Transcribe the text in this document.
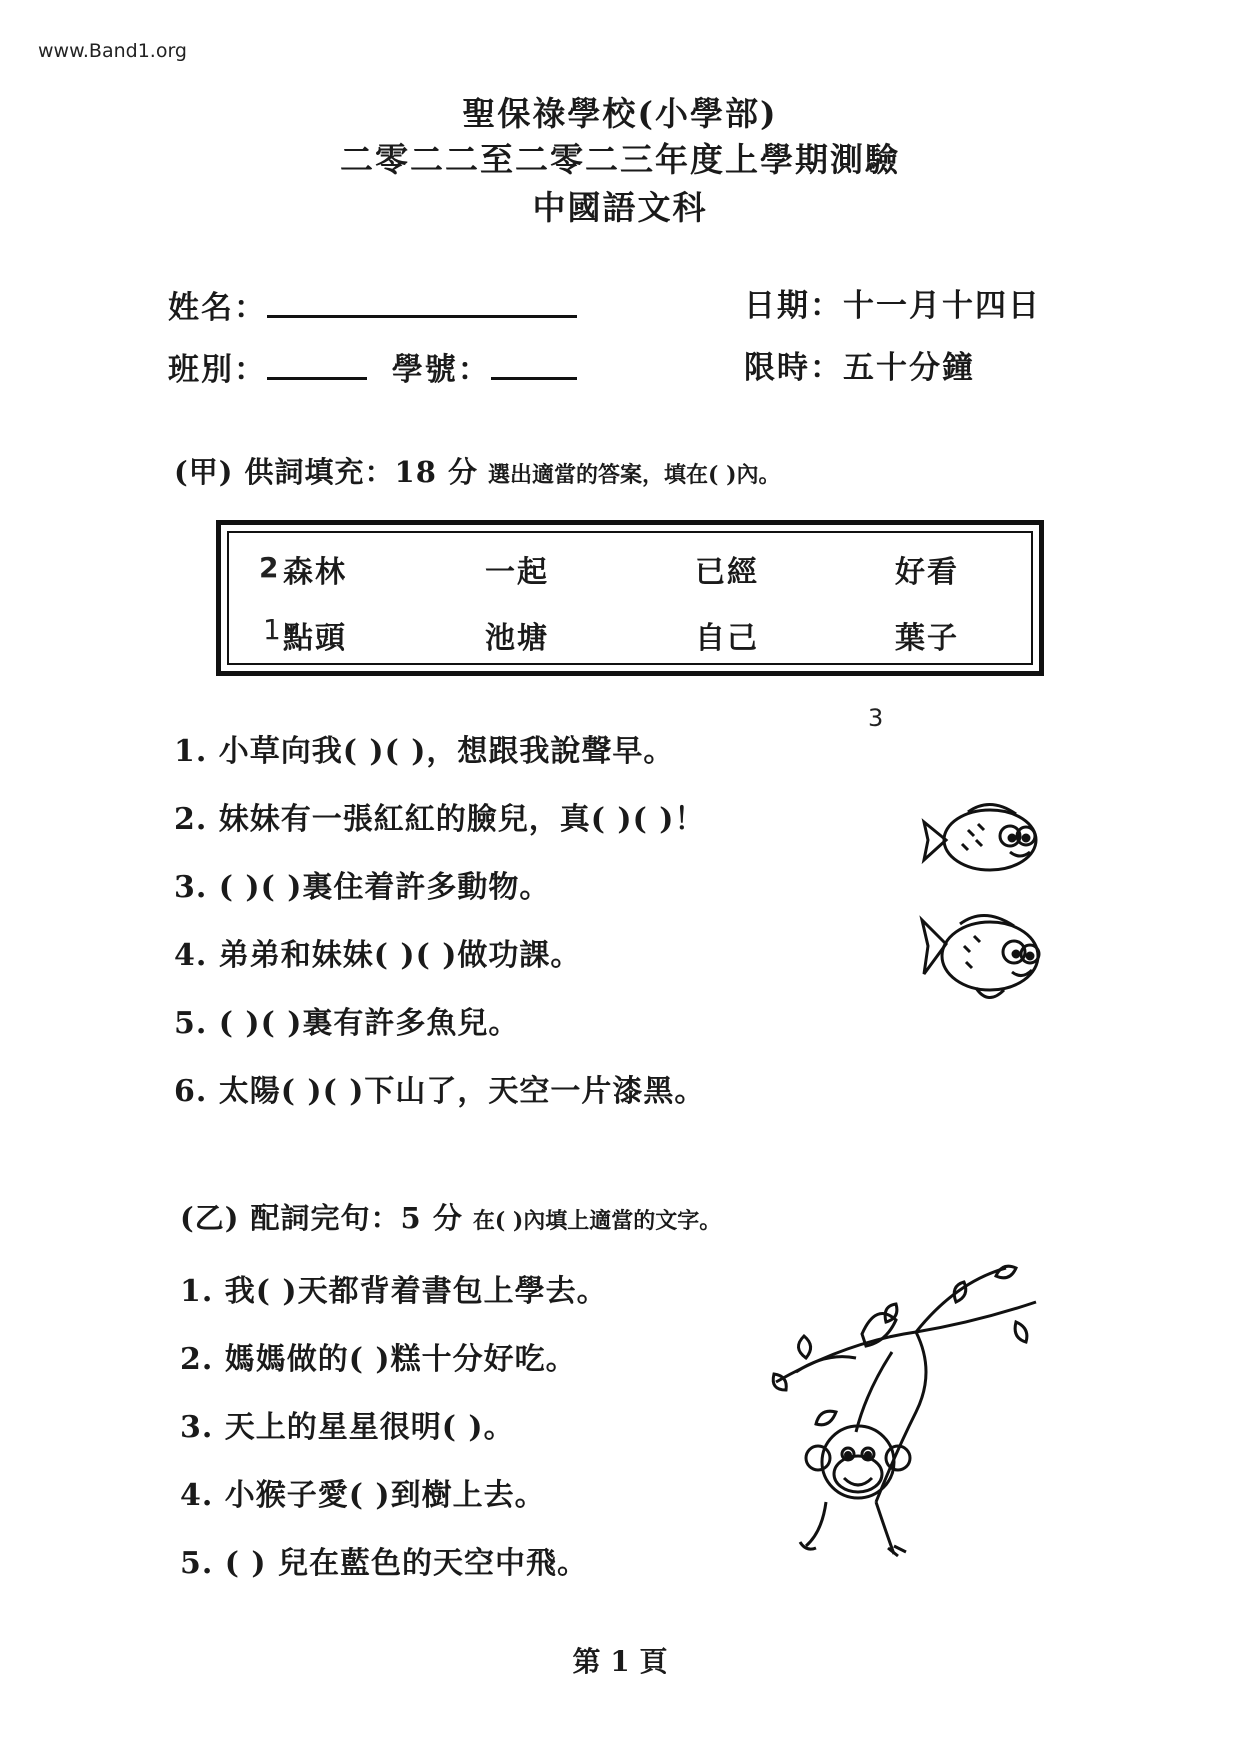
www.Band1.org
聖保祿學校(小學部)
二零二二至二零二三年度上學期測驗
中國語文科
姓名：
班別：	學號：
日期：十一月十四日
限時：五十分鐘
(甲) 供詞填充：18 分 選出適當的答案，填在( )內。
2 森林	一起	已經	好看
1 點頭	池塘	自己	葉子
1. 小草向我( )( )，想跟我說聲早。
3
2. 妹妹有一張紅紅的臉兒，真( )( )！
3. ( )( )裏住着許多動物。
4. 弟弟和妹妹( )( )做功課。
5. ( )( )裏有許多魚兒。
6. 太陽( )( )下山了，天空一片漆黑。
(乙) 配詞完句：5 分 在( )內填上適當的文字。
1. 我( )天都背着書包上學去。
2. 媽媽做的( )糕十分好吃。
3. 天上的星星很明( )。
4. 小猴子愛( )到樹上去。
5. ( ) 兒在藍色的天空中飛。
第 1 頁
